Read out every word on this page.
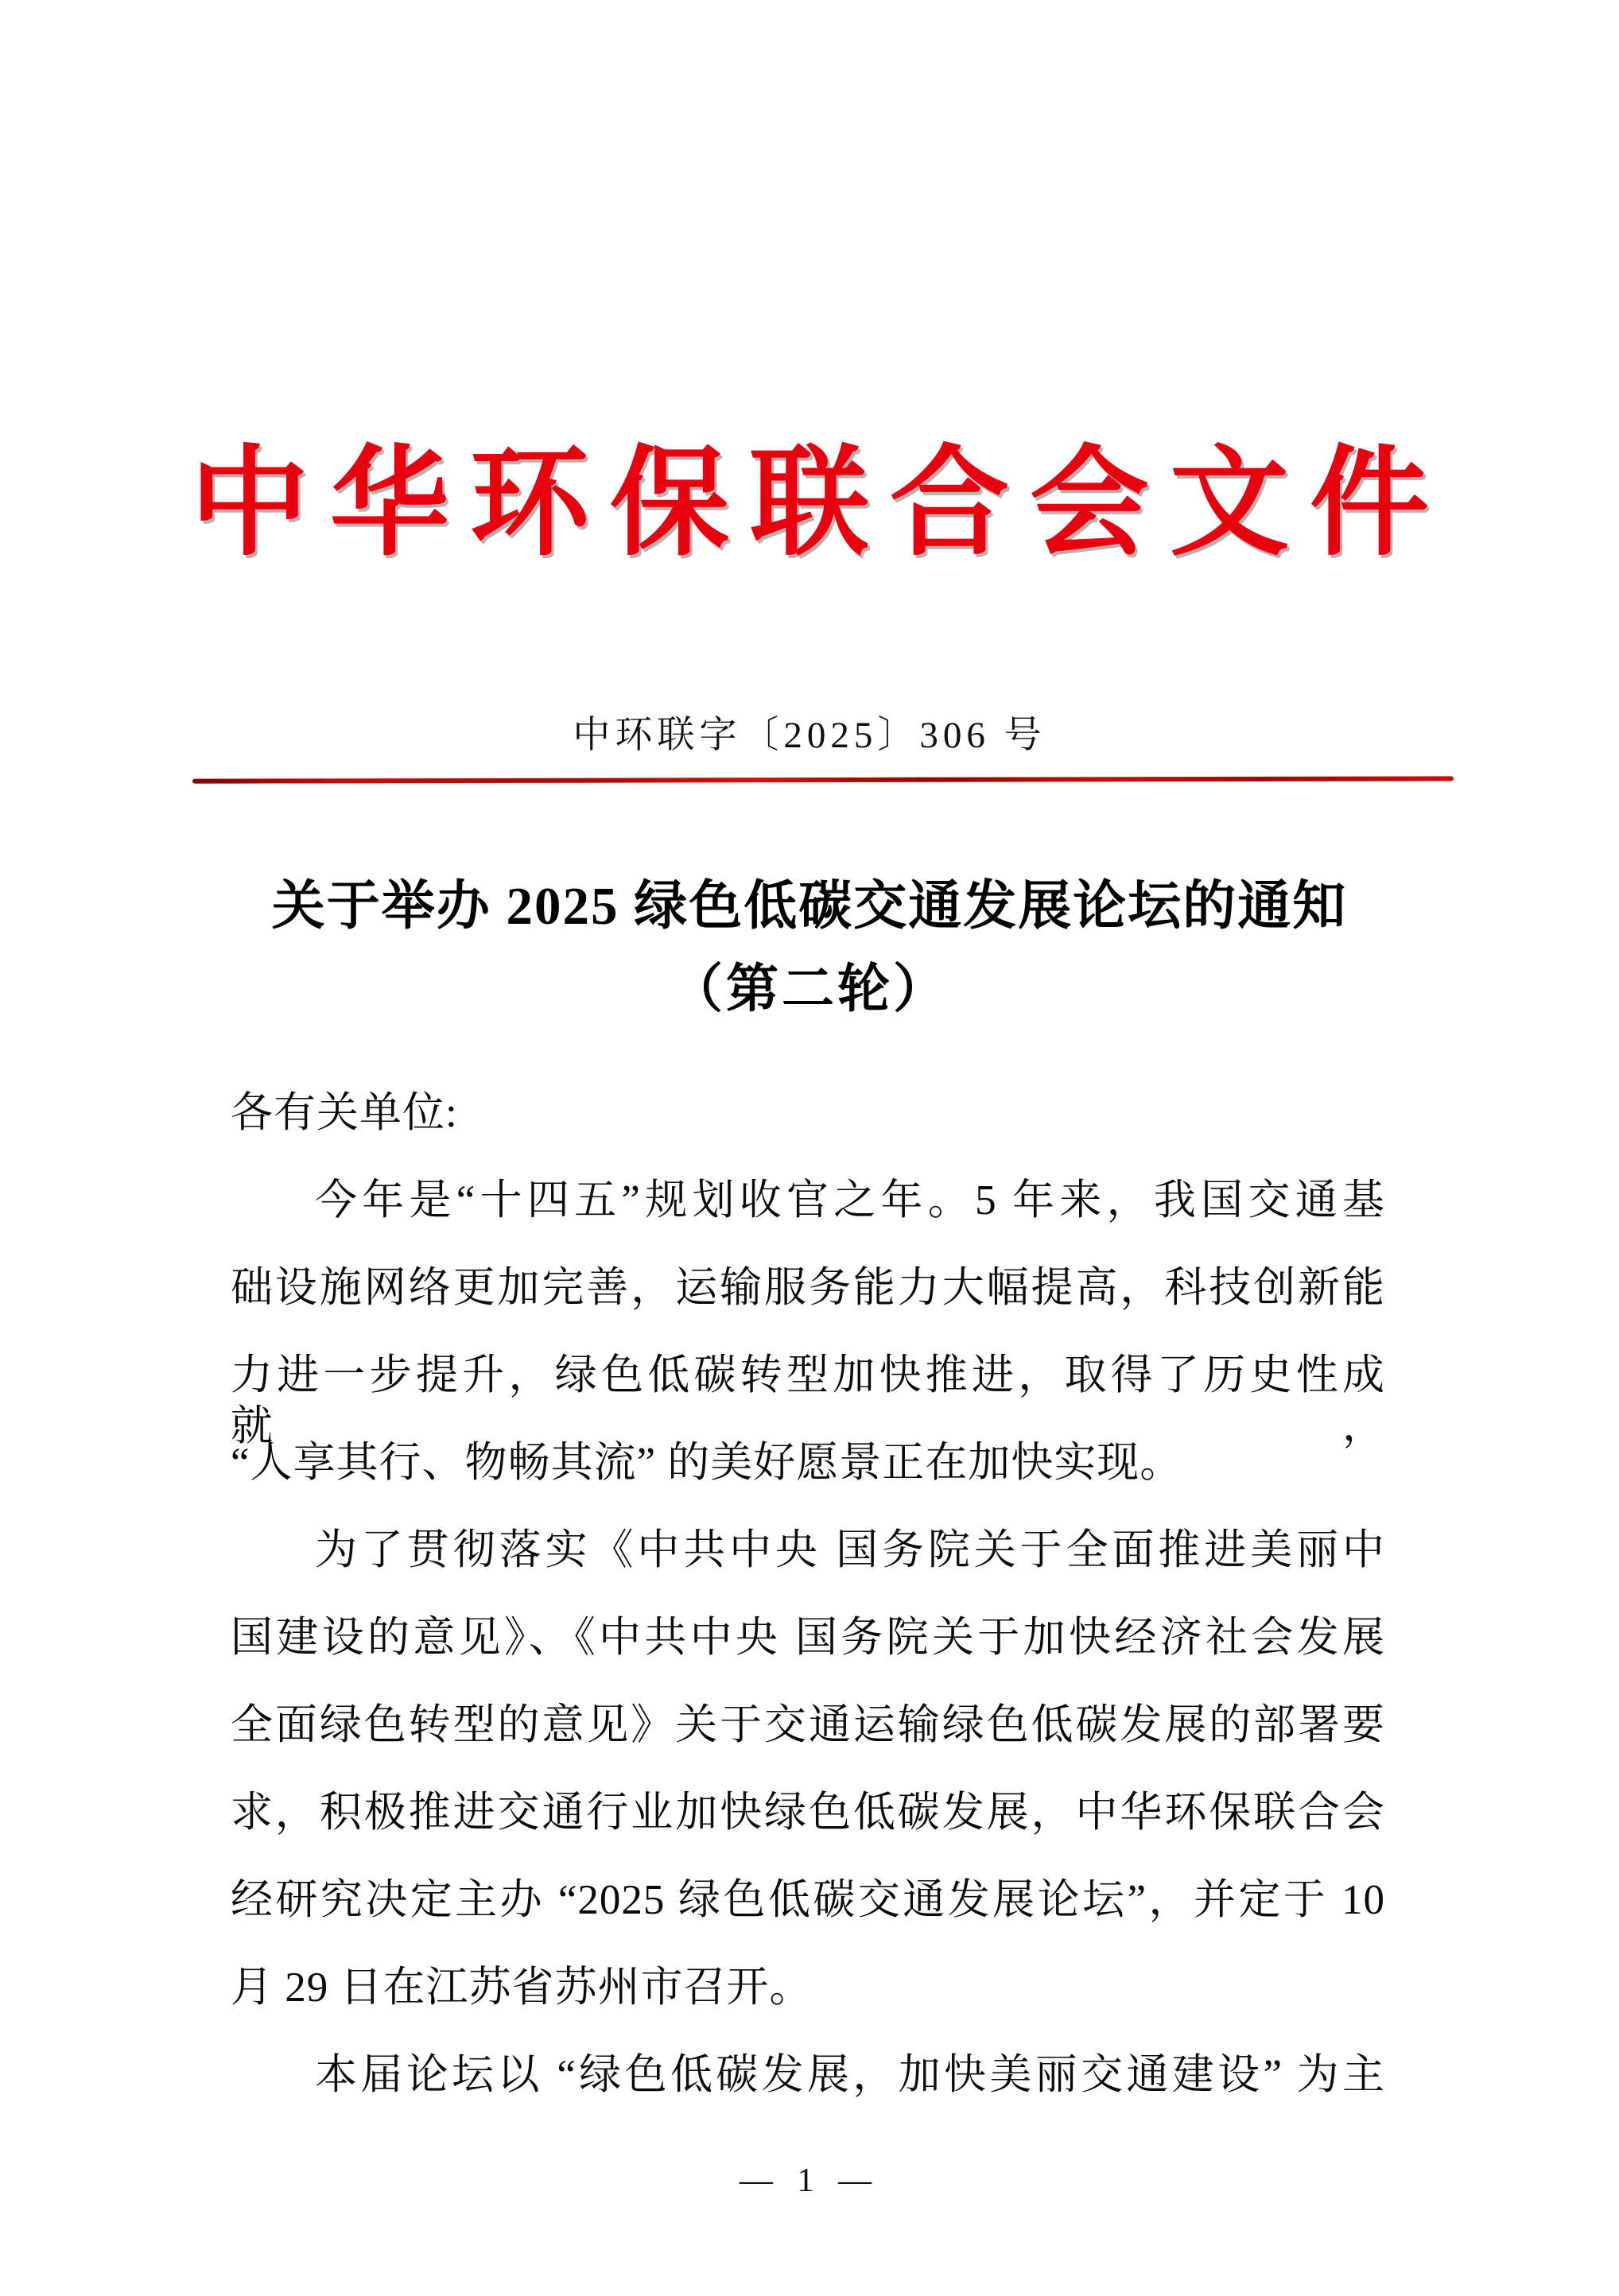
中华环保联合会文件
中环联字〔2025〕306 号
关于举办 2025 绿色低碳交通发展论坛的通知
（第二轮）
各有关单位:
今年是“十四五”规划收官之年。5 年来，我国交通基
础设施网络更加完善，运输服务能力大幅提高，科技创新能
力进一步提升，绿色低碳转型加快推进，取得了历史性成就，
“人享其行、物畅其流” 的美好愿景正在加快实现。
为了贯彻落实《中共中央 国务院关于全面推进美丽中
国建设的意见》、《中共中央 国务院关于加快经济社会发展
全面绿色转型的意见》关于交通运输绿色低碳发展的部署要
求，积极推进交通行业加快绿色低碳发展，中华环保联合会
经研究决定主办 “2025 绿色低碳交通发展论坛”，并定于 10
月 29 日在江苏省苏州市召开。
本届论坛以 “绿色低碳发展，加快美丽交通建设” 为主
— 1 —
